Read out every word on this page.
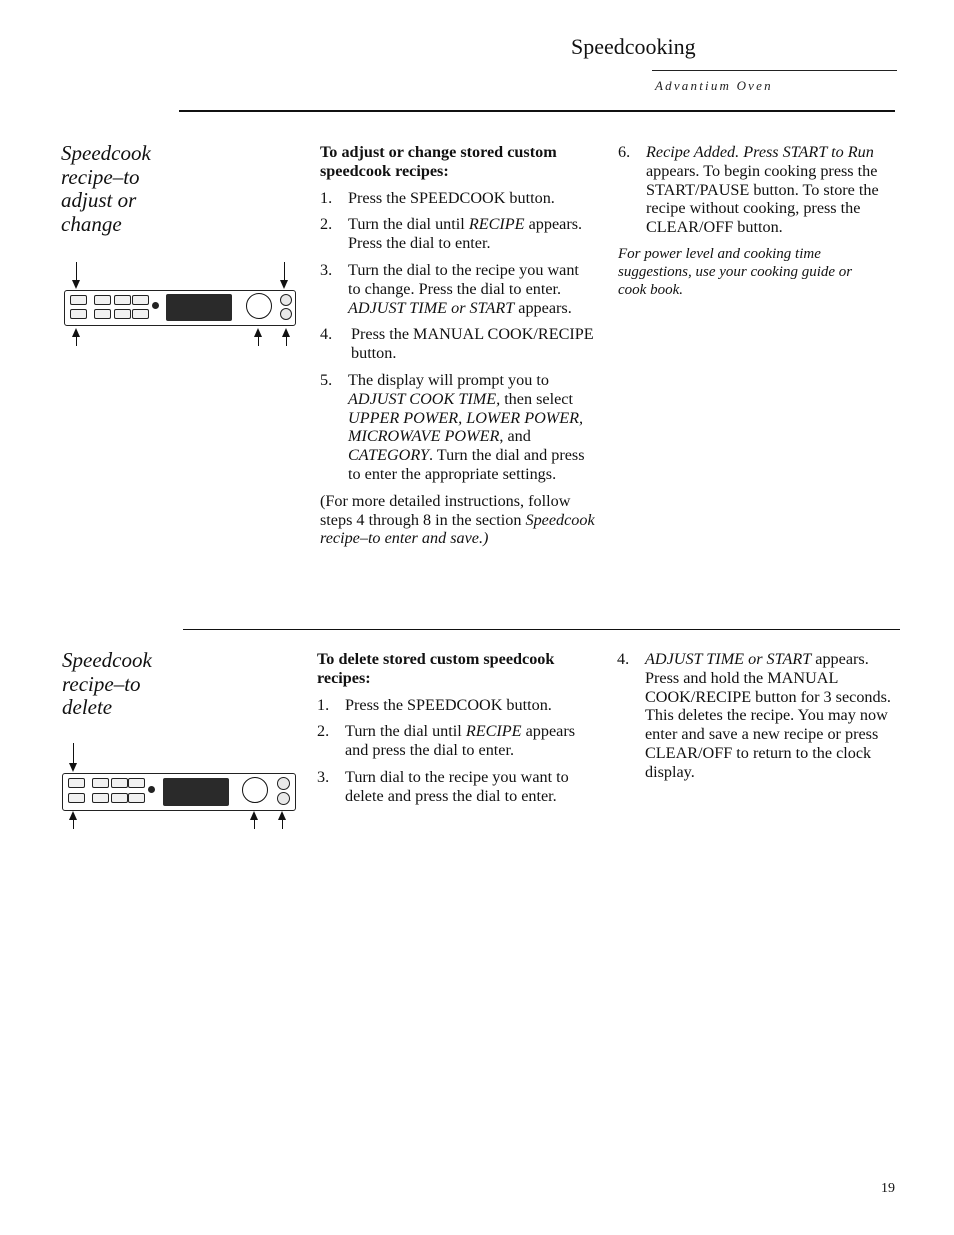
Speedcooking
Advantium Oven
Speedcook
recipe–to
adjust or
change
To adjust or change stored custom speedcook recipes:
1. Press the SPEEDCOOK button.
2. Turn the dial until RECIPE appears. Press the dial to enter.
3. Turn the dial to the recipe you want to change. Press the dial to enter. ADJUST TIME or START appears.
4. Press the MANUAL COOK/RECIPE button.
5. The display will prompt you to ADJUST COOK TIME, then select UPPER POWER, LOWER POWER, MICROWAVE POWER, and CATEGORY. Turn the dial and press to enter the appropriate settings.
(For more detailed instructions, follow steps 4 through 8 in the section Speedcook recipe–to enter and save.)
6. Recipe Added. Press START to Run appears. To begin cooking press the START/PAUSE button. To store the recipe without cooking, press the CLEAR/OFF button.
For power level and cooking time suggestions, use your cooking guide or cook book.
Speedcook
recipe–to
delete
To delete stored custom speedcook recipes:
1. Press the SPEEDCOOK button.
2. Turn the dial until RECIPE appears and press the dial to enter.
3. Turn dial to the recipe you want to delete and press the dial to enter.
4. ADJUST TIME or START appears. Press and hold the MANUAL COOK/RECIPE button for 3 seconds. This deletes the recipe. You may now enter and save a new recipe or press CLEAR/OFF to return to the clock display.
19
